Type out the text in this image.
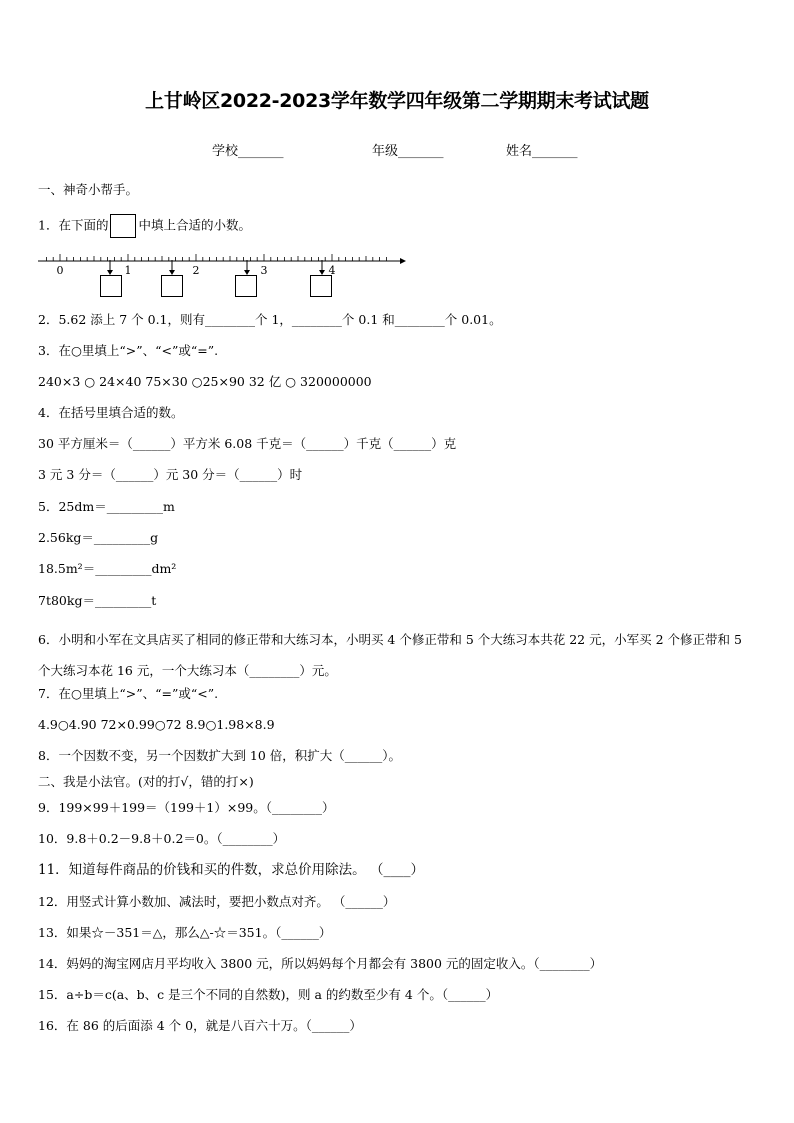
上甘岭区2022-2023学年数学四年级第二学期期末考试试题
学校_______	年级_______	姓名_______
一、神奇小帮手。
1．在下面的 中填上合适的小数。
0	1	2	3	4
2．5.62 添上 7 个 0.1，则有________个 1，________个 0.1 和________个 0.01。
3．在○里填上“>”、“<”或“=”.
240×3 ○ 24×40 75×30 ○25×90 32 亿 ○ 320000000
4．在括号里填合适的数。
30 平方厘米＝（______）平方米 6.08 千克＝（______）千克（______）克
3 元 3 分＝（______）元 30 分＝（______）时
5．25dm＝_________m
2.56kg＝_________g
18.5m²＝_________dm²
7t80kg＝_________t
6．小明和小军在文具店买了相同的修正带和大练习本，小明买 4 个修正带和 5 个大练习本共花 22 元，小军买 2 个修正带和 5 个大练习本花 16 元，一个大练习本（________）元。
7．在○里填上“>”、“=”或“<”.
4.9○4.90 72×0.99○72 8.9○1.98×8.9
8．一个因数不变，另一个因数扩大到 10 倍，积扩大（______）。
二、我是小法官。(对的打√，错的打×)
9．199×99＋199＝（199＋1）×99。（________）
10．9.8＋0.2－9.8＋0.2＝0。（________）
11．知道每件商品的价钱和买的件数，求总价用除法。 （____）
12．用竖式计算小数加、减法时，要把小数点对齐。 （______）
13．如果☆－351＝△，那么△-☆＝351。（______）
14．妈妈的淘宝网店月平均收入 3800 元，所以妈妈每个月都会有 3800 元的固定收入。（________）
15．a÷b＝c(a、b、c 是三个不同的自然数)，则 a 的约数至少有 4 个。（______）
16．在 86 的后面添 4 个 0，就是八百六十万。（______）
